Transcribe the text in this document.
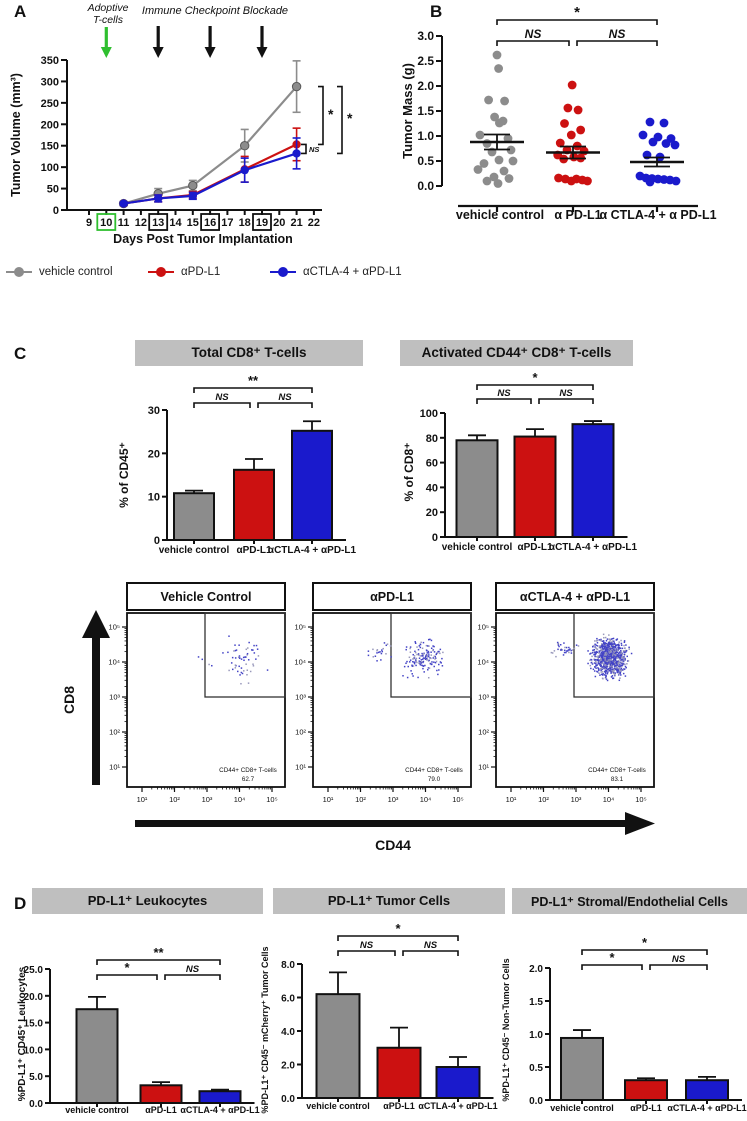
A	Adoptive
T-cells
Immune Checkpoint Blockade
0
50
100
150
200
250
300
350
9 10 11 12 13 14 15 16 17 18 19 20 21 22
Days Post Tumor Implantation
Tumor Volume (mm³)	* *
NS
vehicle control	αPD-L1	αCTLA-4 + αPD-L1
B
0.0
0.5
1.0
1.5
2.0
2.5
3.0
vehicle control α PD-L1
α CTLA-4 + α PD-L1
*
NS	NS
Tumor Mass (g)
C	Total CD8⁺ T-cells	Activated CD44⁺ CD8⁺ T-cells
0
10
20
30
vehicle control αPD-L1
αCTLA-4 + αPD-L1
**
NS	NS
% of CD45⁺
0
20
40
60
80
100
vehicle control αPD-L1
αCTLA-4 + αPD-L1
*
NS	NS
% of CD8⁺
Vehicle Control
10¹
10¹
10²
10²
10³
10³
10⁴
10⁴
10⁵
10⁵
CD44+ CD8+ T-cells
62.7
αPD-L1
10¹
10¹
10²
10²
10³
10³
10⁴
10⁴
10⁵
10⁵
CD44+ CD8+ T-cells
79.0
αCTLA-4 + αPD-L1
10¹
10¹
10²
10²
10³
10³
10⁴
10⁴
10⁵
10⁵
CD44+ CD8+ T-cells
83.1
CD8
CD44
D	PD-L1⁺ Leukocytes	PD-L1⁺ Tumor Cells	PD-L1⁺ Stromal/Endothelial Cells
0.0
5.0
10.0
15.0
20.0
25.0
vehicle control αPD-L1 αCTLA-4 + αPD-L1
**
*	NS
%PD-L1⁺ CD45⁺ Leukocytes	0.0
2.0
4.0
6.0
8.0
vehicle control αPD-L1 αCTLA-4 + αPD-L1
*
NS	NS
%PD-L1⁺ CD45⁻ mCherry⁺ Tumor Cells	0.0
0.5
1.0
1.5
2.0
vehicle control αPD-L1 αCTLA-4 + αPD-L1
*
*	NS
%PD-L1⁺ CD45⁻ Non-Tumor Cells
